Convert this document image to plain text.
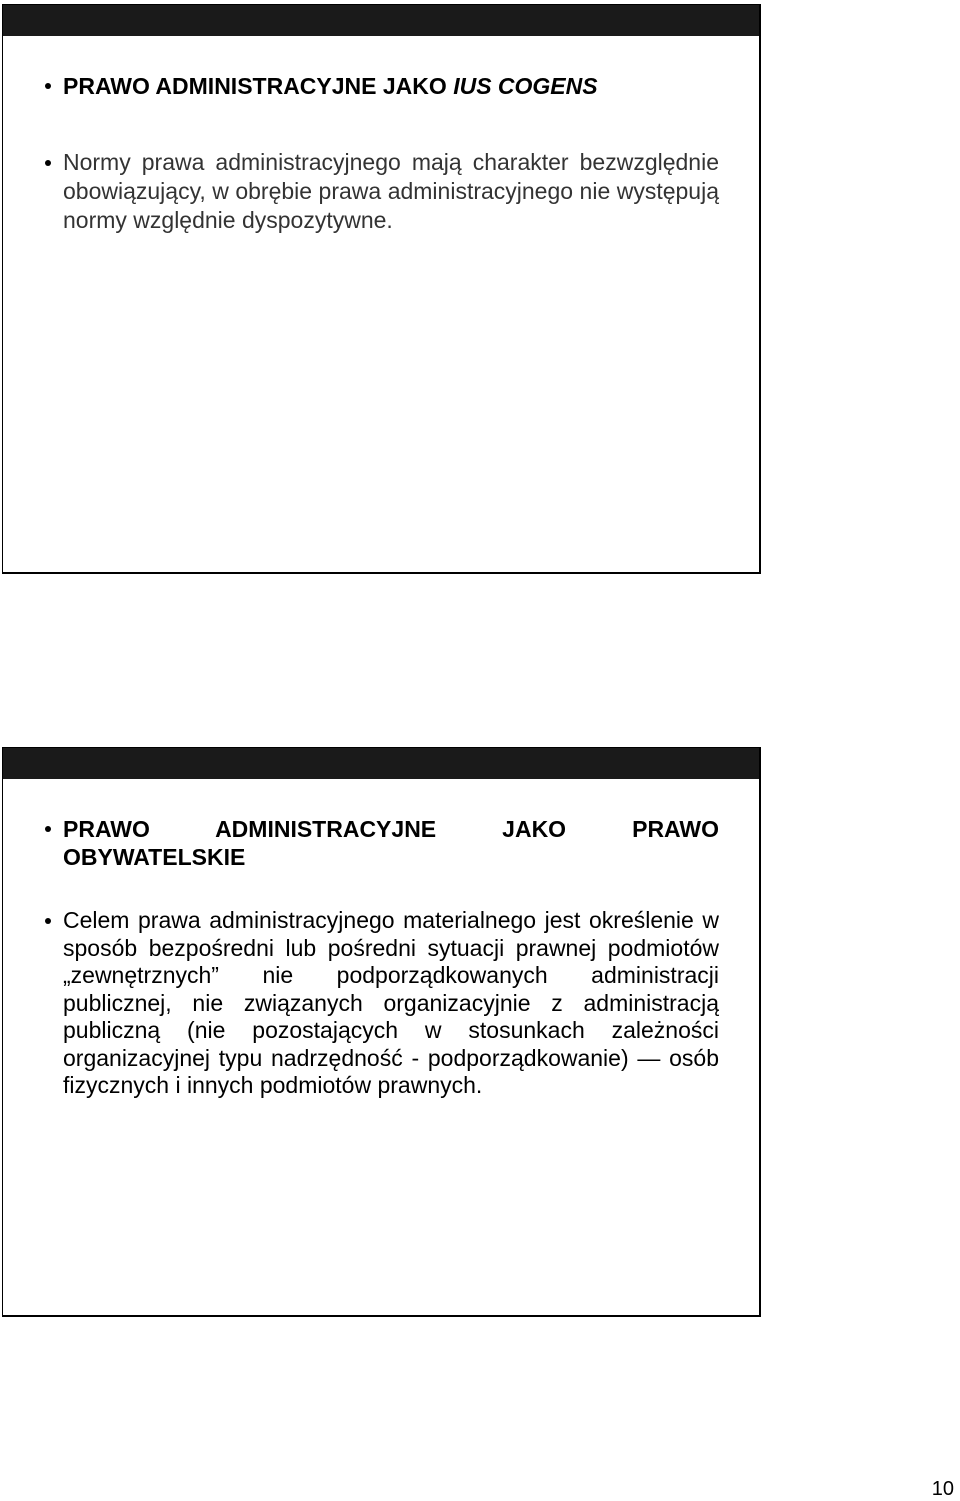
PRAWO ADMINISTRACYJNE JAKO IUS COGENS
Normy prawa administracyjnego mają charakter bezwzględnie obowiązujący, w obrębie prawa administracyjnego nie występują normy względnie dyspozytywne.
PRAWO ADMINISTRACYJNE JAKO PRAWO OBYWATELSKIE
Celem prawa administracyjnego materialnego jest określenie w sposób bezpośredni lub pośredni sytuacji prawnej podmiotów „zewnętrznych” nie podporządkowanych administracji publicznej, nie związanych organizacyjnie z administracją publiczną (nie pozostających w stosunkach zależności organizacyjnej typu nadrzędność - podporządkowanie) — osób fizycznych i innych podmiotów prawnych.
10
